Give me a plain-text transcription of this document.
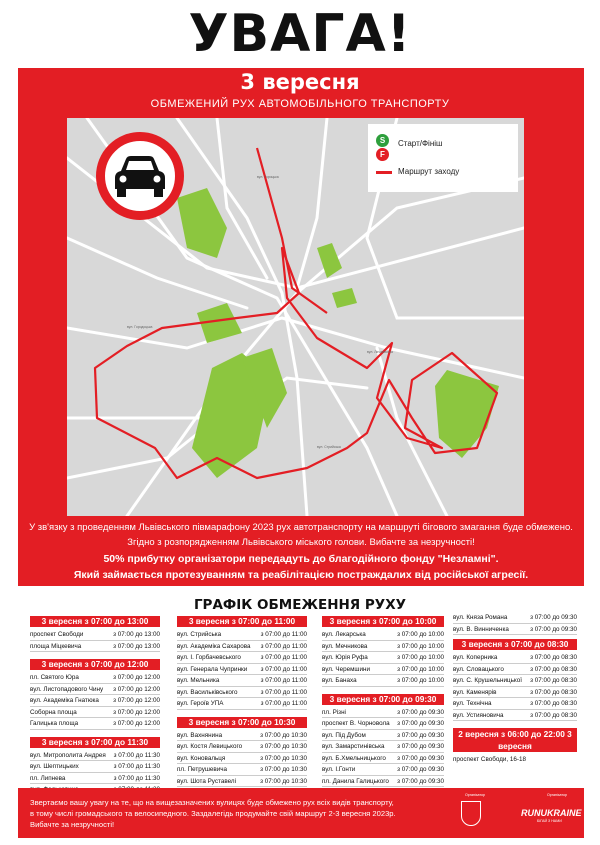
УВАГА!
3 вересня
ОБМЕЖЕНИЙ РУХ АВТОМОБІЛЬНОГО ТРАНСПОРТУ
вул. Гороцька
вул. Личаківська
вул. Городоцька
вул. Стрийська
S
F
Старт/Фініш
Маршрут заходу

У зв'язку з проведенням Львівського півмарафону 2023 рух автотранспорту на маршруті бігового змагання буде обмежено.

Згідно з розпорядженням Львівського міського голови. Вибачте за незручності!

50% прибутку організатори передадуть до благодійного фонду "Незламні".

Який займається протезуванням та реабілітацією постраждалих від російської агресії.

ГРАФІК ОБМЕЖЕННЯ РУХУ
3 вересня з 07:00 до 13:00
проспект Свободи	з 07:00 до 13:00
площа Міцкевича	з 07:00 до 13:00
3 вересня з 07:00 до 12:00
пл. Святого Юра	з 07:00 до 12:00
вул. Листопадового Чину з 07:00 до 12:00
вул. Академіка Гнатюка з 07:00 до 12:00
Соборна площа	з 07:00 до 12:00
Галицька площа	з 07:00 до 12:00
3 вересня з 07:00 до 11:30
вул. Митрополита Андрея з 07:00 до 11:30
вул. Шептицьких	з 07:00 до 11:30
пл. Липнева	з 07:00 до 11:30
3 вересня з 07:00 до 11:00
вул. Стрийська	з 07:00 до 11:00
вул. Академіка Сахарова з 07:00 до 11:00
вул. І. Горбачевського	з 07:00 до 11:00
вул. Генерала Чупринки з 07:00 до 11:00
вул. Мельника	з 07:00 до 11:00
вул. Васильківського	з 07:00 до 11:00
вул. Героїв УПА	з 07:00 до 11:00
3 вересня з 07:00 до 10:30
вул. Вахнянина	з 07:00 до 10:30
вул. Костя Левицького	з 07:00 до 10:30
вул. Коновальця	з 07:00 до 10:30
пл. Петрушевича	з 07:00 до 10:30
вул. Шота Руставелі	з 07:00 до 10:30
3 вересня з 07:00 до 10:00
вул. Лекарська	з 07:00 до 10:00
вул. Мечникова	з 07:00 до 10:00
вул. Юрія Руфа	з 07:00 до 10:00
вул. Черемшини	з 07:00 до 10:00
вул. Банаха	з 07:00 до 10:00
3 вересня з 07:00 до 09:30
пл. Різні	з 07:00 до 09:30
проспект В. Чорновола з 07:00 до 09:30
вул. Під Дубом	з 07:00 до 09:30
вул. Замарстинівська з 07:00 до 09:30
вул. Б.Хмельницького з 07:00 до 09:30
вул. І.Гонти	з 07:00 до 09:30
пл. Данила Галицького з 07:00 до 09:30
вул. Княза Романа	з 07:00 до 09:30
вул. В. Винниченка	з 07:00 до 09:30
3 вересня з 07:00 до 08:30
вул. Коперника	з 07:00 до 08:30
вул. Словацького	з 07:00 до 08:30
вул. С. Крушельницької з 07:00 до 08:30
вул. Каменярів	з 07:00 до 08:30
вул. Технічна	з 07:00 до 08:30
вул. Устияновича	з 07:00 до 08:30
2 вересня з 06:00 до 22:00 3 вересня
проспект Свободи, 16-18

Звертаємо вашу увагу на те, що на вищезазначених вулицях буде обмежено рух всіх видів транспорту,

в тому числі громадського та велосипедного. Заздалегідь продумайте свій маршрут 2-3 вересня 2023р.

Вибачте за незручності!

Організатор	Організатор
RUNUKRAINE
БІГАЙ З НАМИ
